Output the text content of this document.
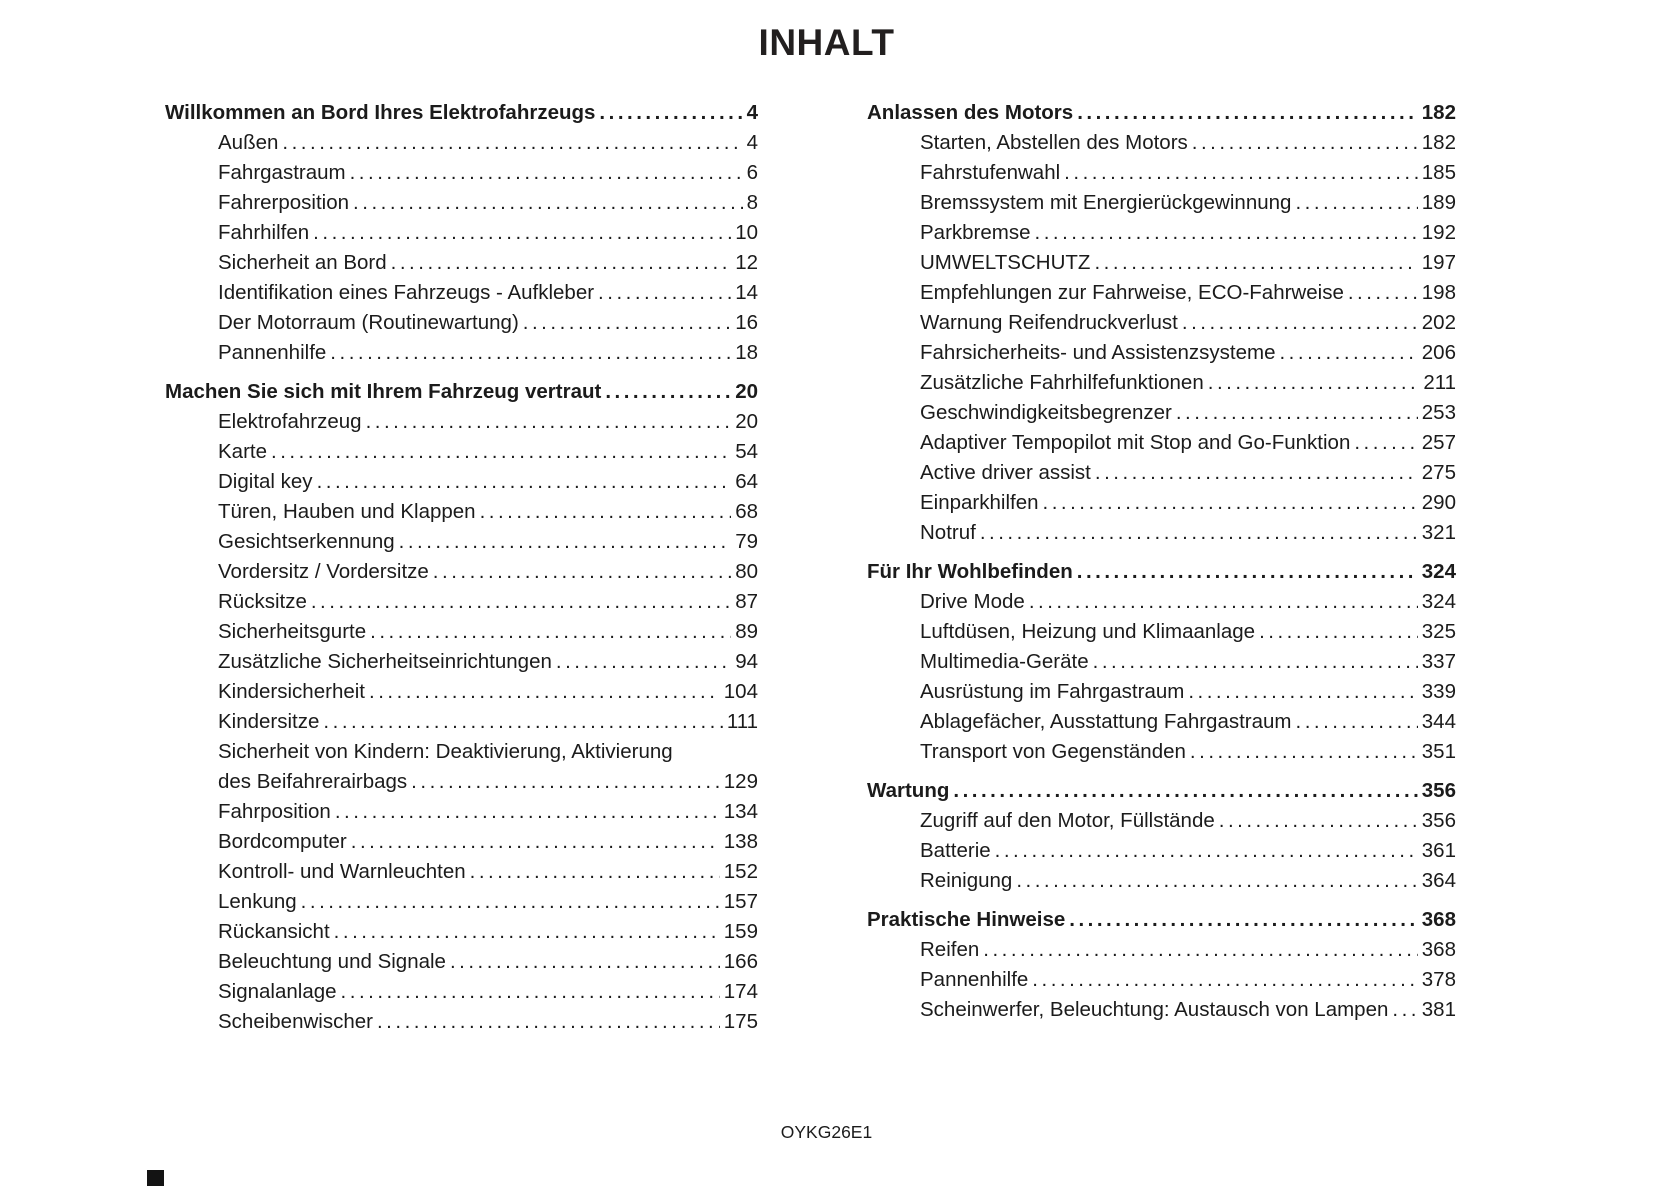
INHALT
Willkommen an Bord Ihres Elektrofahrzeugs .....	4
Außen .....	4
Fahrgastraum .....	6
Fahrerposition .....	8
Fahrhilfen .....	10
Sicherheit an Bord .....	12
Identifikation eines Fahrzeugs - Aufkleber .....	14
Der Motorraum (Routinewartung) .....	16
Pannenhilfe .....	18
Machen Sie sich mit Ihrem Fahrzeug vertraut .....	20
Elektrofahrzeug .....	20
Karte .....	54
Digital key .....	64
Türen, Hauben und Klappen .....	68
Gesichtserkennung .....	79
Vordersitz / Vordersitze .....	80
Rücksitze .....	87
Sicherheitsgurte .....	89
Zusätzliche Sicherheitseinrichtungen .....	94
Kindersicherheit .....	104
Kindersitze .....	111
Sicherheit von Kindern: Deaktivierung, Aktivierung
des Beifahrerairbags .....	129
Fahrposition .....	134
Bordcomputer .....	138
Kontroll- und Warnleuchten .....	152
Lenkung .....	157
Rückansicht .....	159
Beleuchtung und Signale .....	166
Signalanlage .....	174
Scheibenwischer .....	175
Anlassen des Motors .....	182
Starten, Abstellen des Motors .....	182
Fahrstufenwahl .....	185
Bremssystem mit Energierückgewinnung .....	189
Parkbremse .....	192
UMWELTSCHUTZ .....	197
Empfehlungen zur Fahrweise, ECO-Fahrweise .....	198
Warnung Reifendruckverlust .....	202
Fahrsicherheits- und Assistenzsysteme .....	206
Zusätzliche Fahrhilfefunktionen .....	211
Geschwindigkeitsbegrenzer .....	253
Adaptiver Tempopilot mit Stop and Go-Funktion .....	257
Active driver assist .....	275
Einparkhilfen .....	290
Notruf .....	321
Für Ihr Wohlbefinden .....	324
Drive Mode .....	324
Luftdüsen, Heizung und Klimaanlage .....	325
Multimedia-Geräte .....	337
Ausrüstung im Fahrgastraum .....	339
Ablagefächer, Ausstattung Fahrgastraum .....	344
Transport von Gegenständen .....	351
Wartung .....	356
Zugriff auf den Motor, Füllstände .....	356
Batterie .....	361
Reinigung .....	364
Praktische Hinweise .....	368
Reifen .....	368
Pannenhilfe .....	378
Scheinwerfer, Beleuchtung: Austausch von Lampen ..... 381
OYKG26E1
